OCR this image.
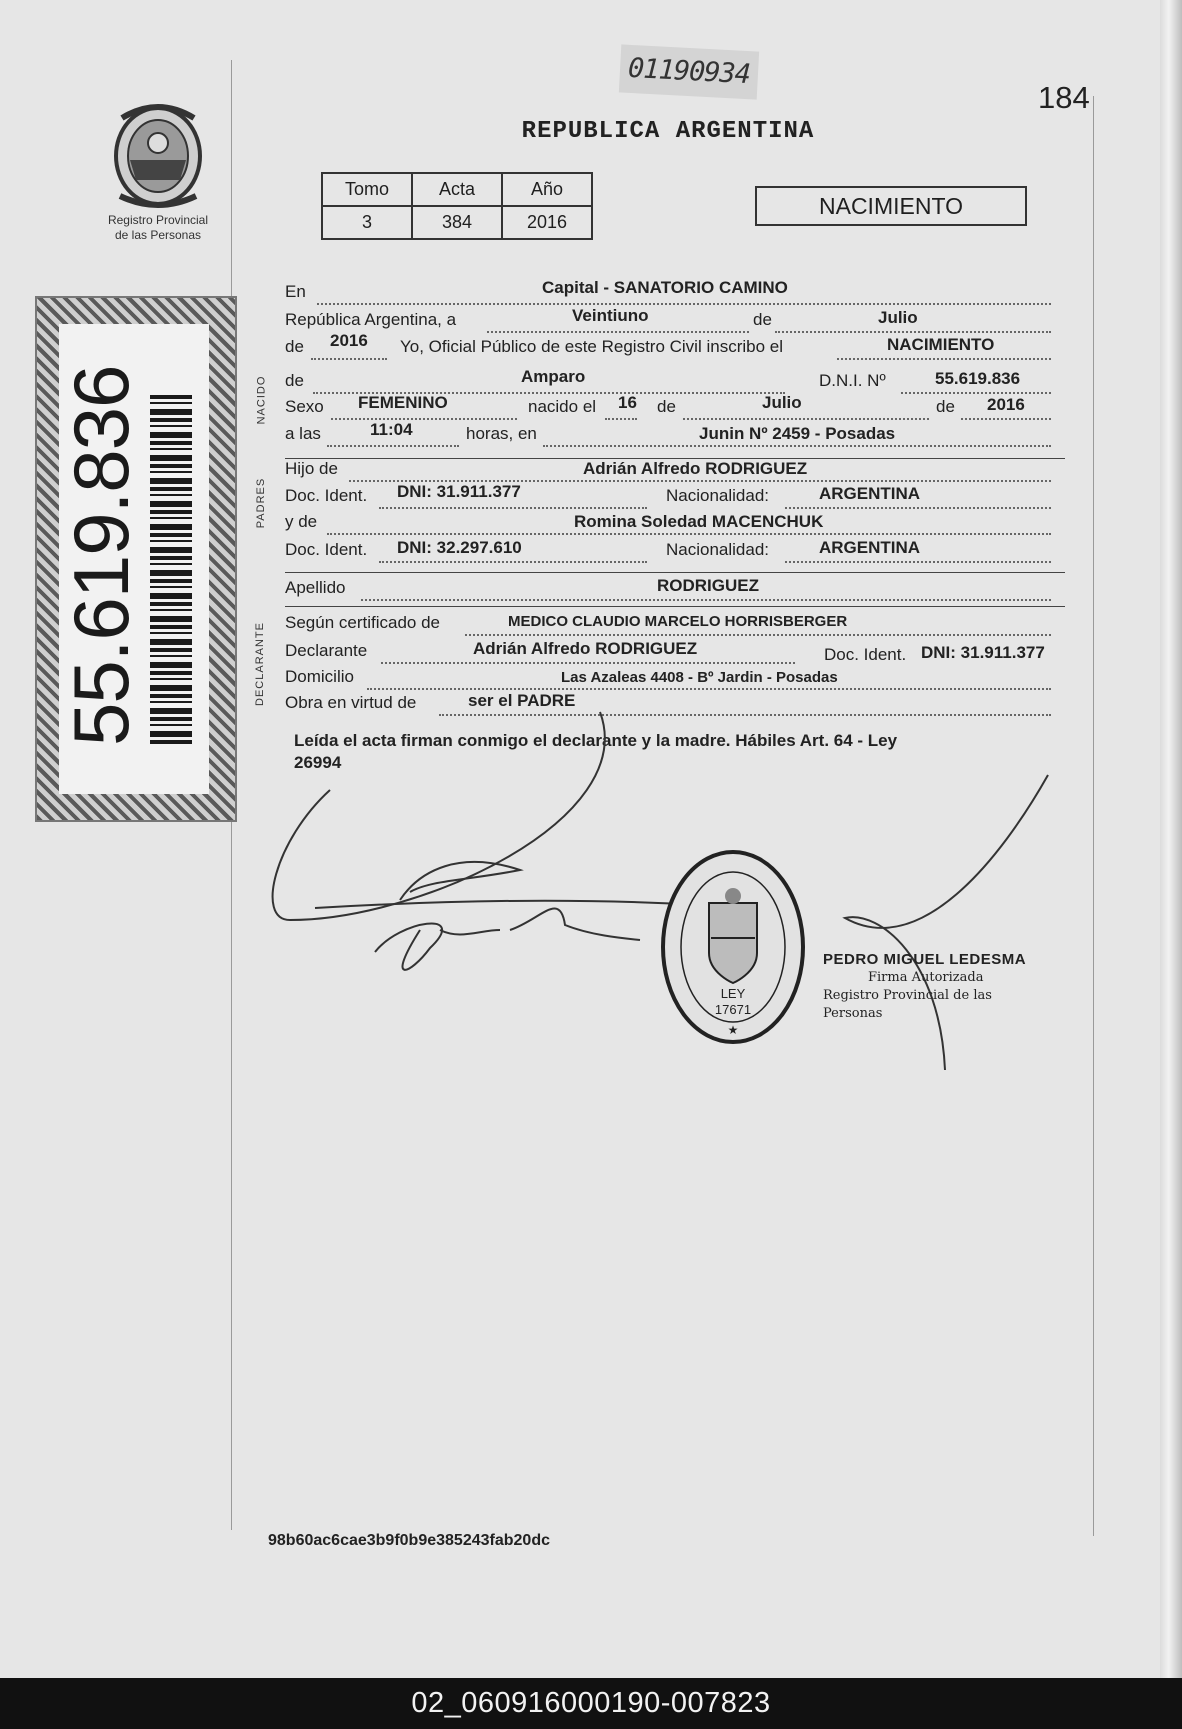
01190934
184
REPUBLICA ARGENTINA
Registro Provincial
de las Personas
Tomo	Acta	Año
3	384	2016
NACIMIENTO
55.619.836	NACIDO
PADRES
DECLARANTE
En	Capital - SANATORIO CAMINO
República Argentina, a	de
Veintiuno	Julio
de 2016 Yo, Oficial Público de este Registro Civil inscribo el	NACIMIENTO
de	Amparo	D.N.I. Nº	55.619.836
Sexo FEMENINO	nacido el 16 de	Julio	de 2016
a las	11:04	horas, en	Junin Nº 2459 - Posadas
Hijo de	Adrián Alfredo RODRIGUEZ
Doc. Ident. DNI: 31.911.377	Nacionalidad:	ARGENTINA
y de	Romina Soledad MACENCHUK
Doc. Ident. DNI: 32.297.610	Nacionalidad:	ARGENTINA
Apellido	RODRIGUEZ
Según certificado de	MEDICO CLAUDIO MARCELO HORRISBERGER
Declarante	Adrián Alfredo RODRIGUEZ	Doc. Ident. DNI: 31.911.377
Domicilio	Las Azaleas 4408 - Bº Jardin - Posadas
Obra en virtud de	ser el PADRE
Leída el acta firman conmigo el declarante y la madre. Hábiles Art. 64 - Ley
26994
LEY
17671
★
PEDRO MIGUEL LEDESMA
Firma Autorizada
Registro Provincial de las Personas
98b60ac6cae3b9f0b9e385243fab20dc
02_060916000190-007823
